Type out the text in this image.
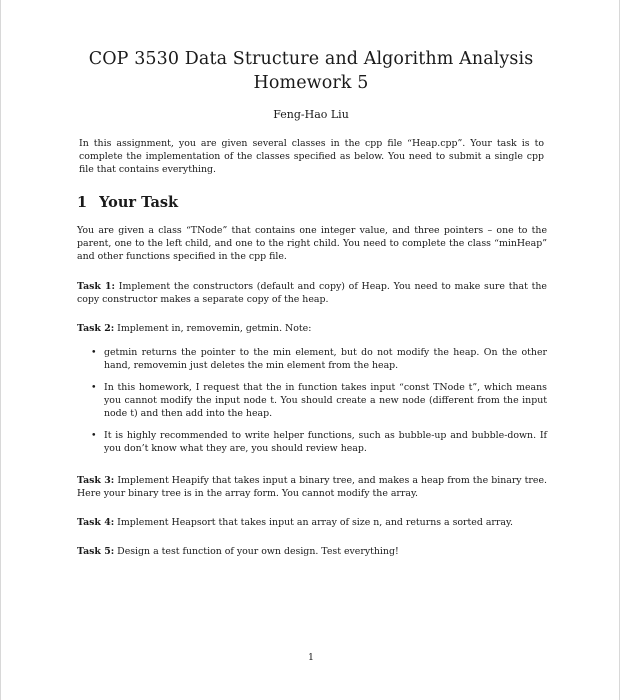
COP 3530 Data Structure and Algorithm Analysis
Homework 5
Feng-Hao Liu
In this assignment, you are given several classes in the cpp file “Heap.cpp”. Your task is to complete the implementation of the classes specified as below. You need to submit a single cpp file that contains everything.
1 Your Task
You are given a class “TNode” that contains one integer value, and three pointers – one to the parent, one to the left child, and one to the right child. You need to complete the class “minHeap” and other functions specified in the cpp file.
Task 1: Implement the constructors (default and copy) of Heap. You need to make sure that the copy constructor makes a separate copy of the heap.
Task 2: Implement in, removemin, getmin. Note:
• getmin returns the pointer to the min element, but do not modify the heap. On the other hand, removemin just deletes the min element from the heap.
• In this homework, I request that the in function takes input “const TNode t”, which means you cannot modify the input node t. You should create a new node (different from the input node t) and then add into the heap.
• It is highly recommended to write helper functions, such as bubble-up and bubble-down. If you don’t know what they are, you should review heap.
Task 3: Implement Heapify that takes input a binary tree, and makes a heap from the binary tree. Here your binary tree is in the array form. You cannot modify the array.
Task 4: Implement Heapsort that takes input an array of size n, and returns a sorted array.
Task 5: Design a test function of your own design. Test everything!
1
